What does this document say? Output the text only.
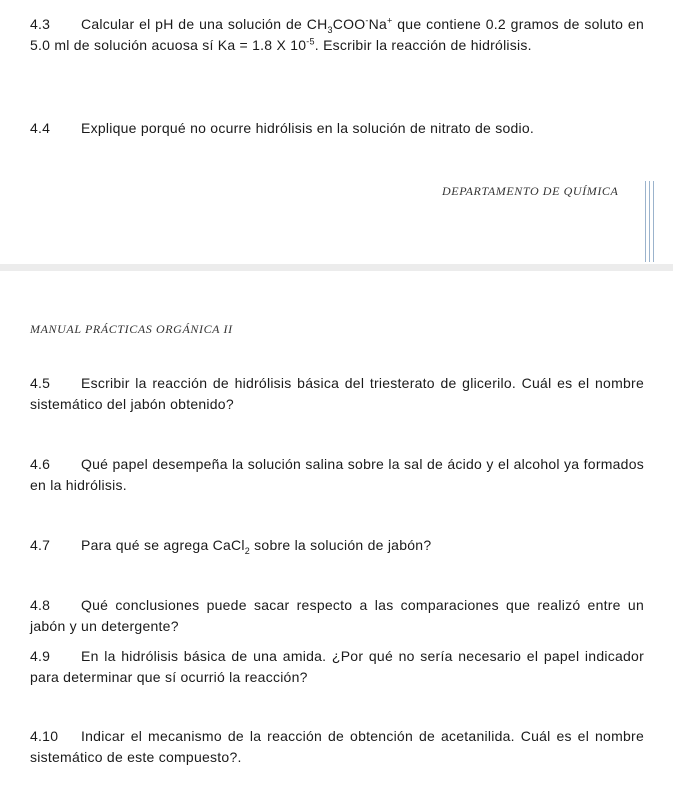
4.3 Calcular el pH de una solución de $CH_3COO^-Na^+$ que contiene 0.2 gramos de soluto en 5.0 ml de solución acuosa sí Ka = 1.8 X $10^{-5}$. Escribir la reacción de hidrólisis.
4.4 Explique porqué no ocurre hidrólisis en la solución de nitrato de sodio.
DEPARTAMENTO DE QUÍMICA
MANUAL PRÁCTICAS ORGÁNICA II
4.5 Escribir la reacción de hidrólisis básica del triesterato de glicerilo. Cuál es el nombre sistemático del jabón obtenido?
4.6 Qué papel desempeña la solución salina sobre la sal de ácido y el alcohol ya formados en la hidrólisis.
4.7 Para qué se agrega CaCl$_2$ sobre la solución de jabón?
4.8 Qué conclusiones puede sacar respecto a las comparaciones que realizó entre un jabón y un detergente?
4.9 En la hidrólisis básica de una amida. ¿Por qué no sería necesario el papel indicador para determinar que sí ocurrió la reacción?
4.10 Indicar el mecanismo de la reacción de obtención de acetanilida. Cuál es el nombre sistemático de este compuesto?.
